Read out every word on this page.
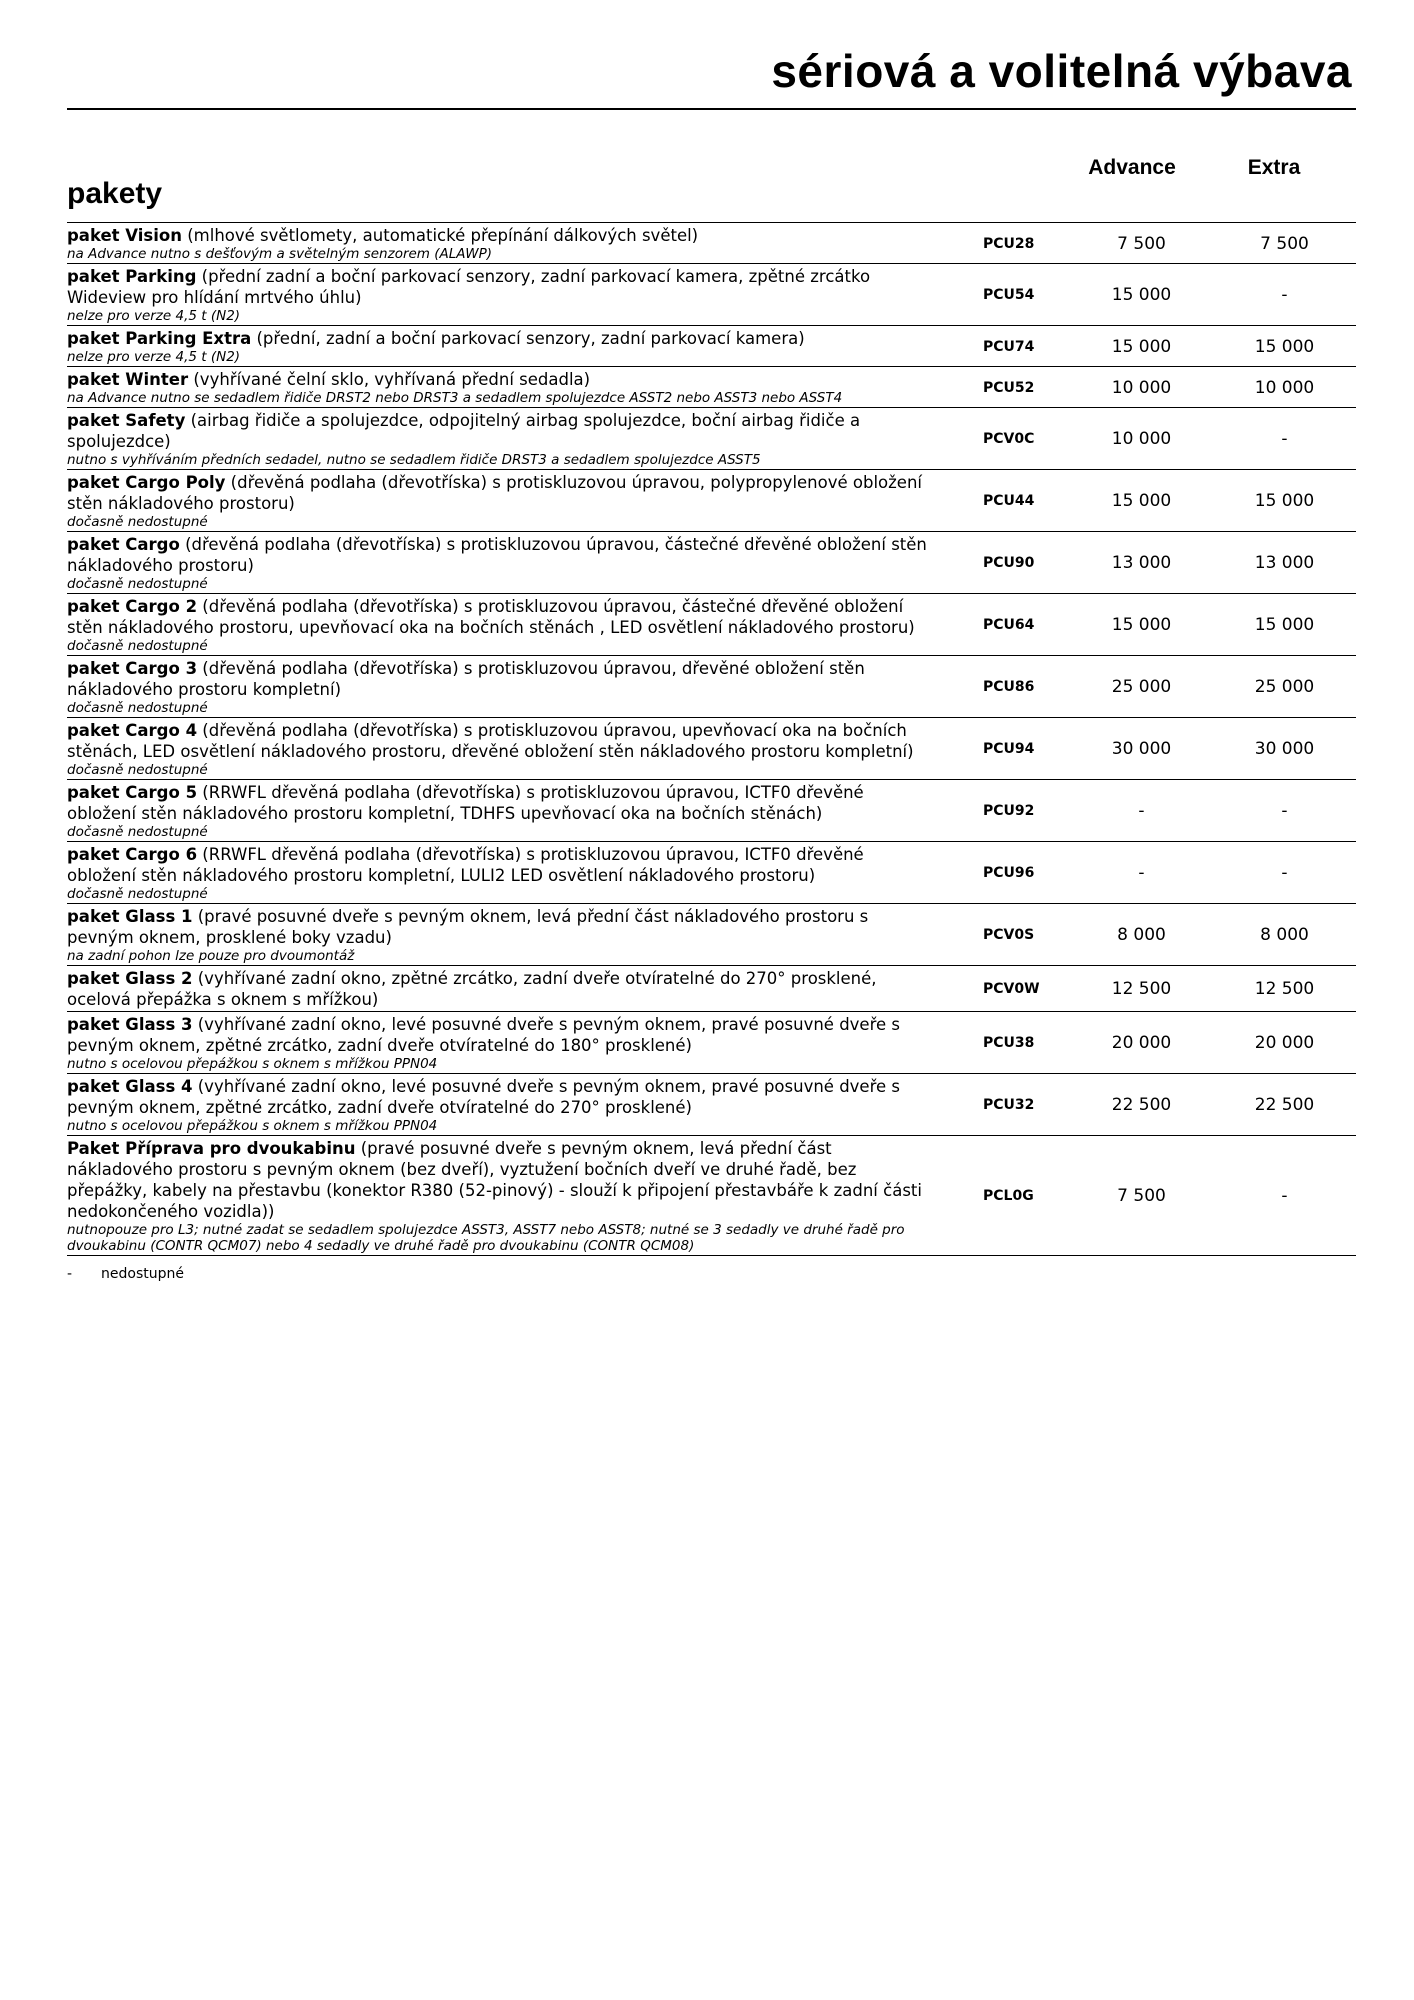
sériová a volitelná výbava
Advance	Extra
pakety
paket Vision (mlhové světlomety, automatické přepínání dálkových světel)
na Advance nutno s dešťovým a světelným senzorem (ALAWP)
PCU28	7 500	7 500
paket Parking (přední zadní a boční parkovací senzory, zadní parkovací kamera, zpětné zrcátko Wideview pro hlídání mrtvého úhlu)
nelze pro verze 4,5 t (N2)
PCU54	15 000	-
paket Parking Extra (přední, zadní a boční parkovací senzory, zadní parkovací kamera)
nelze pro verze 4,5 t (N2)
PCU74	15 000	15 000
paket Winter (vyhřívané čelní sklo, vyhřívaná přední sedadla)
na Advance nutno se sedadlem řidiče DRST2 nebo DRST3 a sedadlem spolujezdce ASST2 nebo ASST3 nebo ASST4
PCU52	10 000	10 000
paket Safety (airbag řidiče a spolujezdce, odpojitelný airbag spolujezdce, boční airbag řidiče a spolujezdce)
nutno s vyhříváním předních sedadel, nutno se sedadlem řidiče DRST3 a sedadlem spolujezdce ASST5
PCV0C	10 000	-
paket Cargo Poly (dřevěná podlaha (dřevotříska) s protiskluzovou úpravou, polypropylenové obložení stěn nákladového prostoru)
dočasně nedostupné
PCU44	15 000	15 000
paket Cargo (dřevěná podlaha (dřevotříska) s protiskluzovou úpravou, částečné dřevěné obložení stěn nákladového prostoru)
dočasně nedostupné
PCU90	13 000	13 000
paket Cargo 2 (dřevěná podlaha (dřevotříska) s protiskluzovou úpravou, částečné dřevěné obložení stěn nákladového prostoru, upevňovací oka na bočních stěnách , LED osvětlení nákladového prostoru)
dočasně nedostupné
PCU64	15 000	15 000
paket Cargo 3 (dřevěná podlaha (dřevotříska) s protiskluzovou úpravou, dřevěné obložení stěn nákladového prostoru kompletní)
dočasně nedostupné
PCU86	25 000	25 000
paket Cargo 4 (dřevěná podlaha (dřevotříska) s protiskluzovou úpravou, upevňovací oka na bočních stěnách, LED osvětlení nákladového prostoru, dřevěné obložení stěn nákladového prostoru kompletní)
dočasně nedostupné
PCU94	30 000	30 000
paket Cargo 5 (RRWFL dřevěná podlaha (dřevotříska) s protiskluzovou úpravou, ICTF0 dřevěné obložení stěn nákladového prostoru kompletní, TDHFS upevňovací oka na bočních stěnách)
dočasně nedostupné
PCU92	-	-
paket Cargo 6 (RRWFL dřevěná podlaha (dřevotříska) s protiskluzovou úpravou, ICTF0 dřevěné obložení stěn nákladového prostoru kompletní, LULI2 LED osvětlení nákladového prostoru)
dočasně nedostupné
PCU96	-	-
paket Glass 1 (pravé posuvné dveře s pevným oknem, levá přední část nákladového prostoru s pevným oknem, prosklené boky vzadu)
na zadní pohon lze pouze pro dvoumontáž
PCV0S	8 000	8 000
paket Glass 2 (vyhřívané zadní okno, zpětné zrcátko, zadní dveře otvíratelné do 270° prosklené, ocelová přepážka s oknem s mřížkou)
PCV0W	12 500	12 500
paket Glass 3 (vyhřívané zadní okno, levé posuvné dveře s pevným oknem, pravé posuvné dveře s pevným oknem, zpětné zrcátko, zadní dveře otvíratelné do 180° prosklené)
nutno s ocelovou přepážkou s oknem s mřížkou PPN04
PCU38	20 000	20 000
paket Glass 4 (vyhřívané zadní okno, levé posuvné dveře s pevným oknem, pravé posuvné dveře s pevným oknem, zpětné zrcátko, zadní dveře otvíratelné do 270° prosklené)
nutno s ocelovou přepážkou s oknem s mřížkou PPN04
PCU32	22 500	22 500
Paket Příprava pro dvoukabinu (pravé posuvné dveře s pevným oknem, levá přední část nákladového prostoru s pevným oknem (bez dveří), vyztužení bočních dveří ve druhé řadě, bez přepážky, kabely na přestavbu (konektor R380 (52-pinový) - slouží k připojení přestavbáře k zadní části nedokončeného vozidla))
nutnopouze pro L3; nutné zadat se sedadlem spolujezdce ASST3, ASST7 nebo ASST8; nutné se 3 sedadly ve druhé řadě pro dvoukabinu (CONTR QCM07) nebo 4 sedadly ve druhé řadě pro dvoukabinu (CONTR QCM08)
PCL0G	7 500	-
-	nedostupné
